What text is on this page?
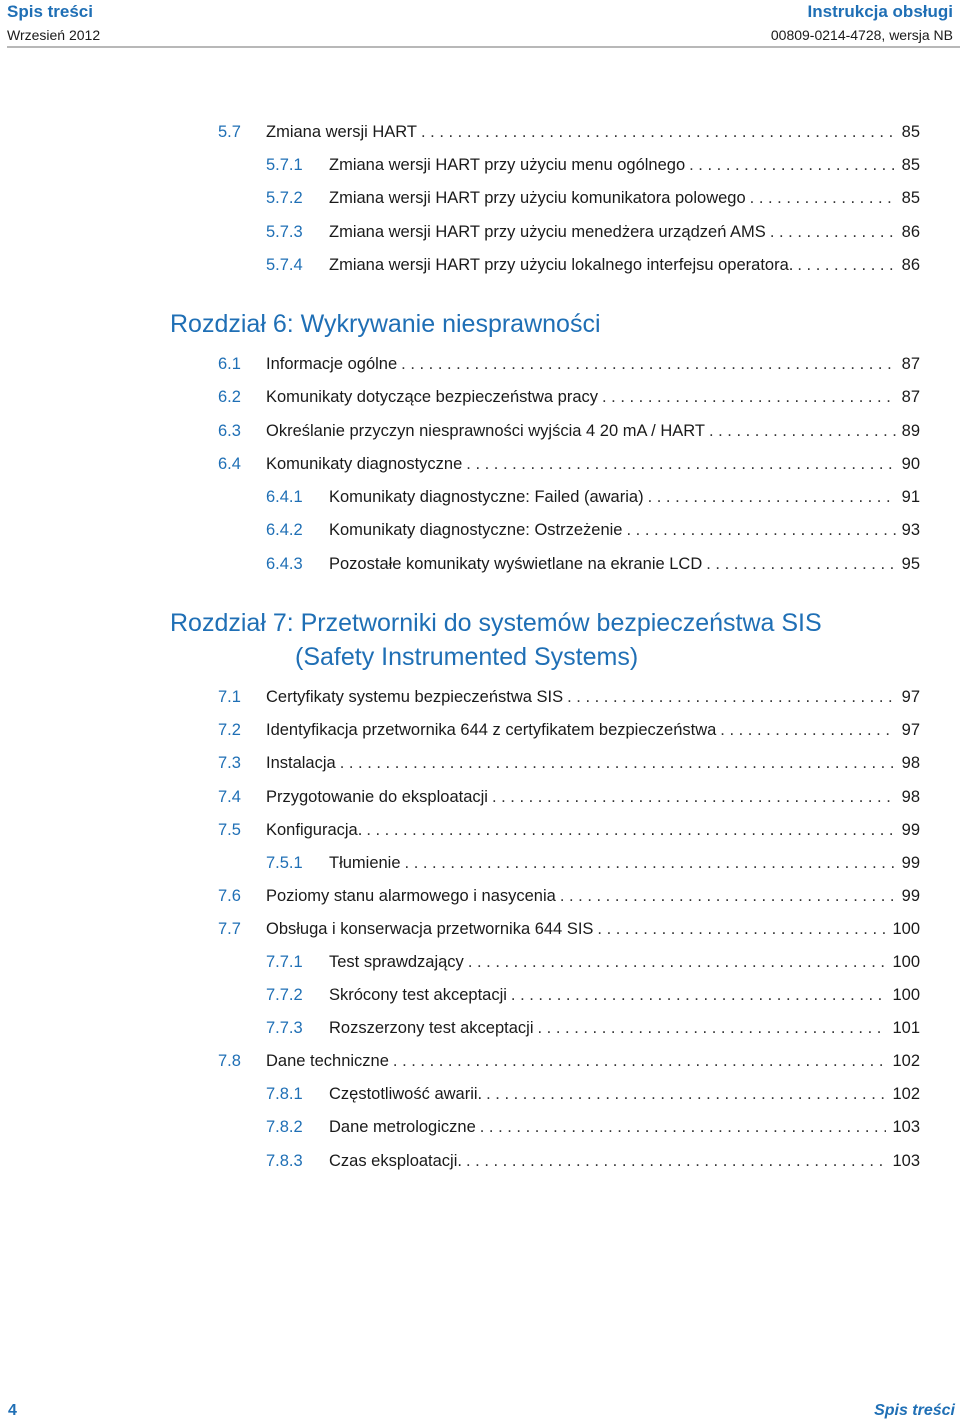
Spis treści
Wrzesień 2012
Instrukcja obsługi
00809-0214-4728, wersja NB
5.7 Zmiana wersji HART . . .	85
5.7.1 Zmiana wersji HART przy użyciu menu ogólnego . . .	85
5.7.2 Zmiana wersji HART przy użyciu komunikatora polowego . . .	85
5.7.3 Zmiana wersji HART przy użyciu menedżera urządzeń AMS . . .	86
5.7.4 Zmiana wersji HART przy użyciu lokalnego interfejsu operatora. . . .	86
Rozdział 6: Wykrywanie niesprawności
6.1 Informacje ogólne . . .	87
6.2 Komunikaty dotyczące bezpieczeństwa pracy . . .	87
6.3 Określanie przyczyn niesprawności wyjścia 4 20 mA / HART . . .	89
6.4 Komunikaty diagnostyczne . . .	90
6.4.1 Komunikaty diagnostyczne: Failed (awaria) . . .	91
6.4.2 Komunikaty diagnostyczne: Ostrzeżenie . . .	93
6.4.3 Pozostałe komunikaty wyświetlane na ekranie LCD . . .	95
Rozdział 7: Przetworniki do systemów bezpieczeństwa SIS
(Safety Instrumented Systems)
7.1 Certyfikaty systemu bezpieczeństwa SIS . . .	97
7.2 Identyfikacja przetwornika 644 z certyfikatem bezpieczeństwa . . .	97
7.3 Instalacja . . .	98
7.4 Przygotowanie do eksploatacji . . .	98
7.5 Konfiguracja. . . .	99
7.5.1 Tłumienie . . .	99
7.6 Poziomy stanu alarmowego i nasycenia . . .	99
7.7 Obsługa i konserwacja przetwornika 644 SIS . . .	100
7.7.1 Test sprawdzający . . .	100
7.7.2 Skrócony test akceptacji . . .	100
7.7.3 Rozszerzony test akceptacji . . .	101
7.8 Dane techniczne . . .	102
7.8.1 Częstotliwość awarii. . . .	102
7.8.2 Dane metrologiczne . . .	103
7.8.3 Czas eksploatacji. . . .	103
4	Spis treści
